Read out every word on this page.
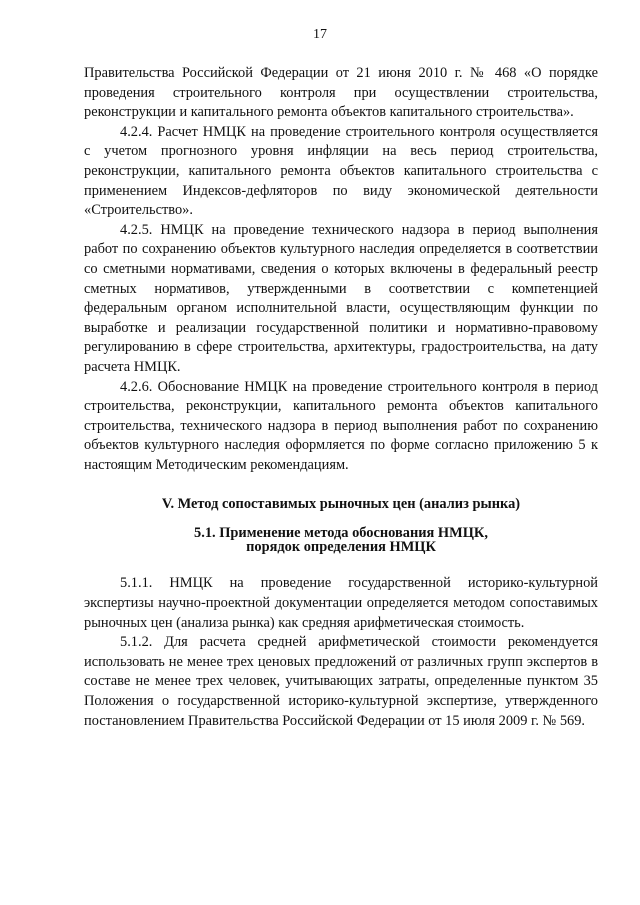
17

Правительства Российской Федерации от 21 июня 2010 г. № 468 «О порядке проведения строительного контроля при осуществлении строительства, реконструкции и капитального ремонта объектов капитального строительства».

4.2.4. Расчет НМЦК на проведение строительного контроля осуществляется с учетом прогнозного уровня инфляции на весь период строительства, реконструкции, капитального ремонта объектов капитального строительства с применением Индексов-дефляторов по виду экономической деятельности «Строительство».

4.2.5. НМЦК на проведение технического надзора в период выполнения работ по сохранению объектов культурного наследия определяется в соответствии со сметными нормативами, сведения о которых включены в федеральный реестр сметных нормативов, утвержденными в соответствии с компетенцией федеральным органом исполнительной власти, осуществляющим функции по выработке и реализации государственной политики и нормативно-правовому регулированию в сфере строительства, архитектуры, градостроительства, на дату расчета НМЦК.

4.2.6. Обоснование НМЦК на проведение строительного контроля в период строительства, реконструкции, капитального ремонта объектов капитального строительства, технического надзора в период выполнения работ по сохранению объектов культурного наследия оформляется по форме согласно приложению 5 к настоящим Методическим рекомендациям.

V. Метод сопоставимых рыночных цен (анализ рынка)
5.1. Применение метода обоснования НМЦК,
порядок определения НМЦК

5.1.1. НМЦК на проведение государственной историко-культурной экспертизы научно-проектной документации определяется методом сопоставимых рыночных цен (анализа рынка) как средняя арифметическая стоимость.

5.1.2. Для расчета средней арифметической стоимости рекомендуется использовать не менее трех ценовых предложений от различных групп экспертов в составе не менее трех человек, учитывающих затраты, определенные пунктом 35 Положения о государственной историко-культурной экспертизе, утвержденного постановлением Правительства Российской Федерации от 15 июля 2009 г. № 569.
